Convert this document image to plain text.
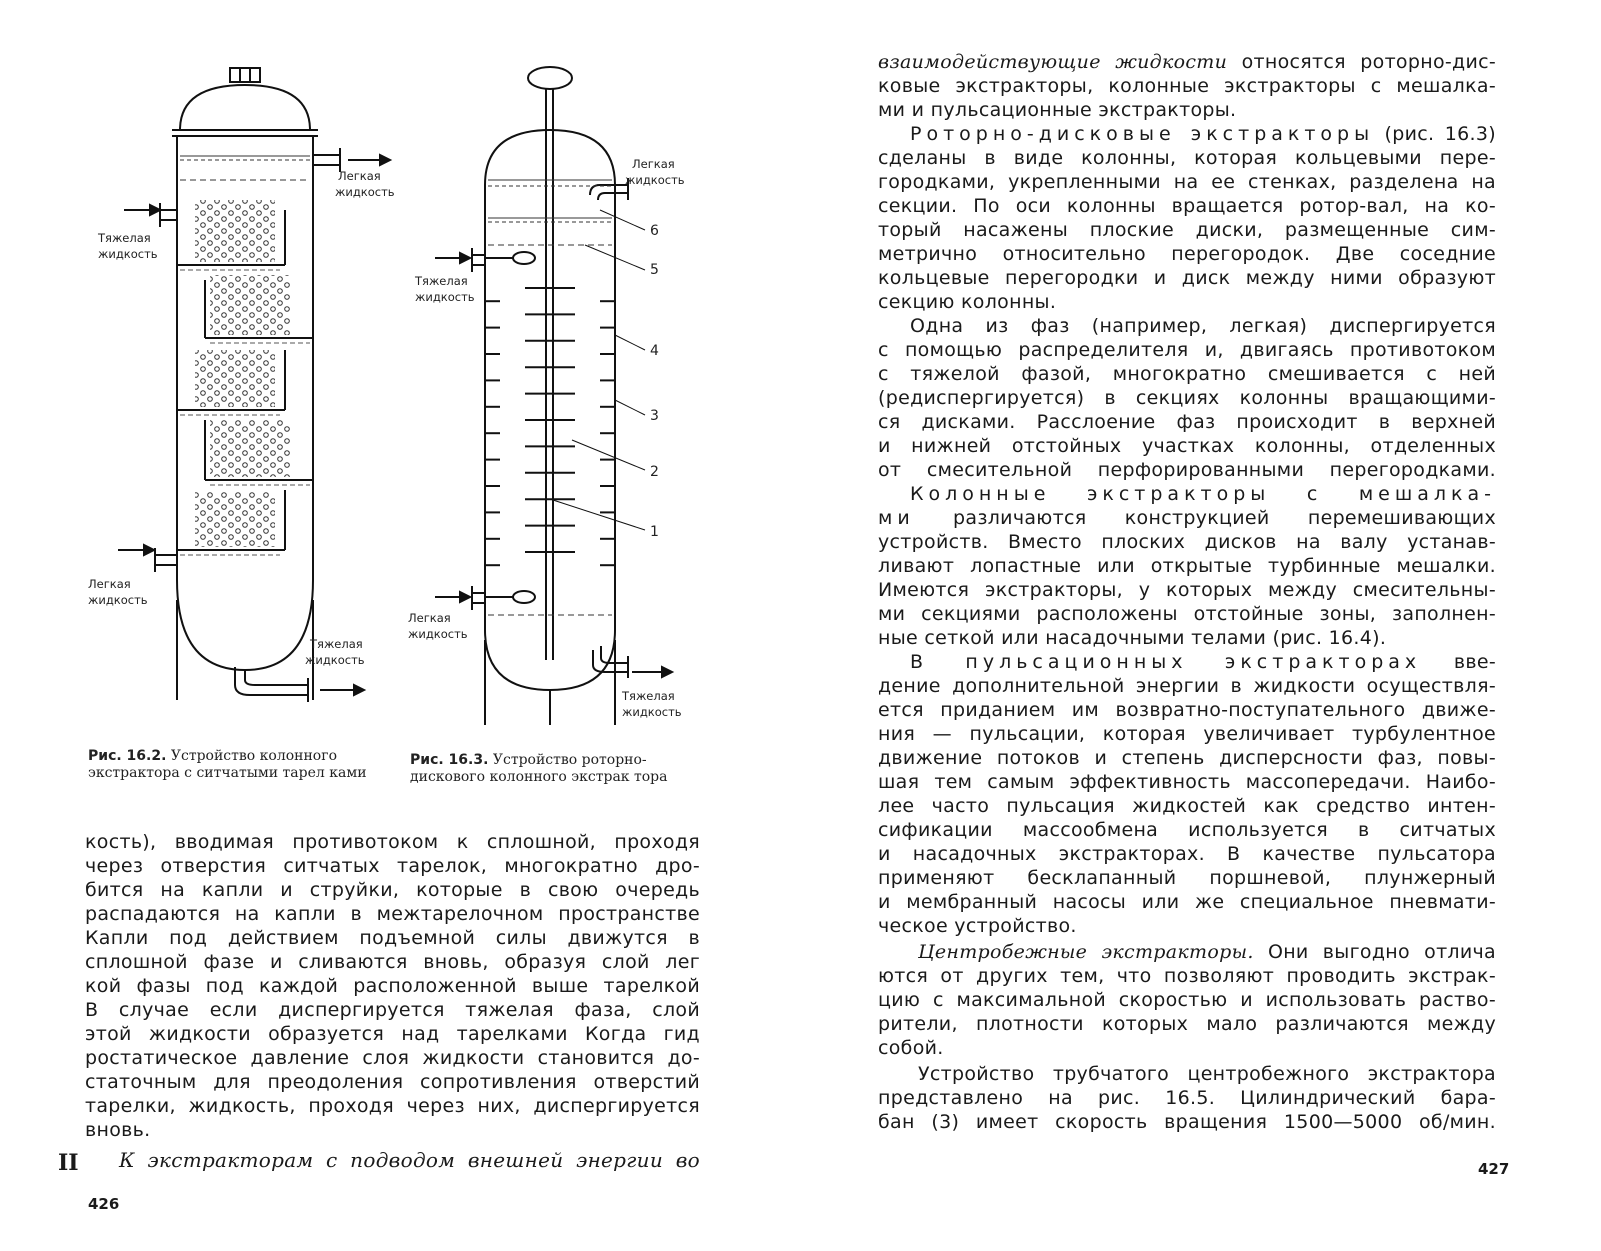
Легкая жидкость
Тяжелая жидкость
Легкая жидкость
Тяжелая жидкость
6
5
4
3
2
1
Легкая жидкость
Тяжелая жидкость
Легкая жидкость
Тяжелая жидкость
Рис. 16.2. Устройство колонного экстрактора с ситчатыми тарел ками
Рис. 16.3. Устройство роторно-дискового колонного экстрак тора
кость), вводимая противотоком к сплошной, проходя
через отверстия ситчатых тарелок, многократно дро-
бится на капли и струйки, которые в свою очередь
распадаются на капли в межтарелочном пространстве
Капли под действием подъемной силы движутся в
сплошной фазе и сливаются вновь, образуя слой лег
кой фазы под каждой расположенной выше тарелкой
В случае если диспергируется тяжелая фаза, слой
этой жидкости образуется над тарелками Когда гид
ростатическое давление слоя жидкости становится до-
статочным для преодоления сопротивления отверстий
тарелки, жидкость, проходя через них, диспергируется
вновь.
К экстракторам с подводом внешней энергии во
II
426
взаимодействующие жидкости относятся роторно-дис-
ковые экстракторы, колонные экстракторы с мешалка-
ми и пульсационные экстракторы.
Роторно-дисковые экстракторы (рис. 16.3)
сделаны в виде колонны, которая кольцевыми пере-
городками, укрепленными на ее стенках, разделена на
секции. По оси колонны вращается ротор-вал, на ко-
торый насажены плоские диски, размещенные сим-
метрично относительно перегородок. Две соседние
кольцевые перегородки и диск между ними образуют
секцию колонны.
Одна из фаз (например, легкая) диспергируется
с помощью распределителя и, двигаясь противотоком
с тяжелой фазой, многократно смешивается с ней
(редиспергируется) в секциях колонны вращающими-
ся дисками. Расслоение фаз происходит в верхней
и нижней отстойных участках колонны, отделенных
от смесительной перфорированными перегородками.
Колонные экстракторы с мешалка-
ми различаются конструкцией перемешивающих
устройств. Вместо плоских дисков на валу устанав-
ливают лопастные или открытые турбинные мешалки.
Имеются экстракторы, у которых между смесительны-
ми секциями расположены отстойные зоны, заполнен-
ные сеткой или насадочными телами (рис. 16.4).
В пульсационных экстракторах вве-
дение дополнительной энергии в жидкости осуществля-
ется приданием им возвратно-поступательного движе-
ния — пульсации, которая увеличивает турбулентное
движение потоков и степень дисперсности фаз, повы-
шая тем самым эффективность массопередачи. Наибо-
лее часто пульсация жидкостей как средство интен-
сификации массообмена используется в ситчатых
и насадочных экстракторах. В качестве пульсатора
применяют бесклапанный поршневой, плунжерный
и мембранный насосы или же специальное пневмати-
ческое устройство.
Центробежные экстракторы. Они выгодно отлича
ются от других тем, что позволяют проводить экстрак-
цию с максимальной скоростью и использовать раство-
рители, плотности которых мало различаются между
собой.
Устройство трубчатого центробежного экстрактора
представлено на рис. 16.5. Цилиндрический бара-
бан (3) имеет скорость вращения 1500—5000 об/мин.
427
